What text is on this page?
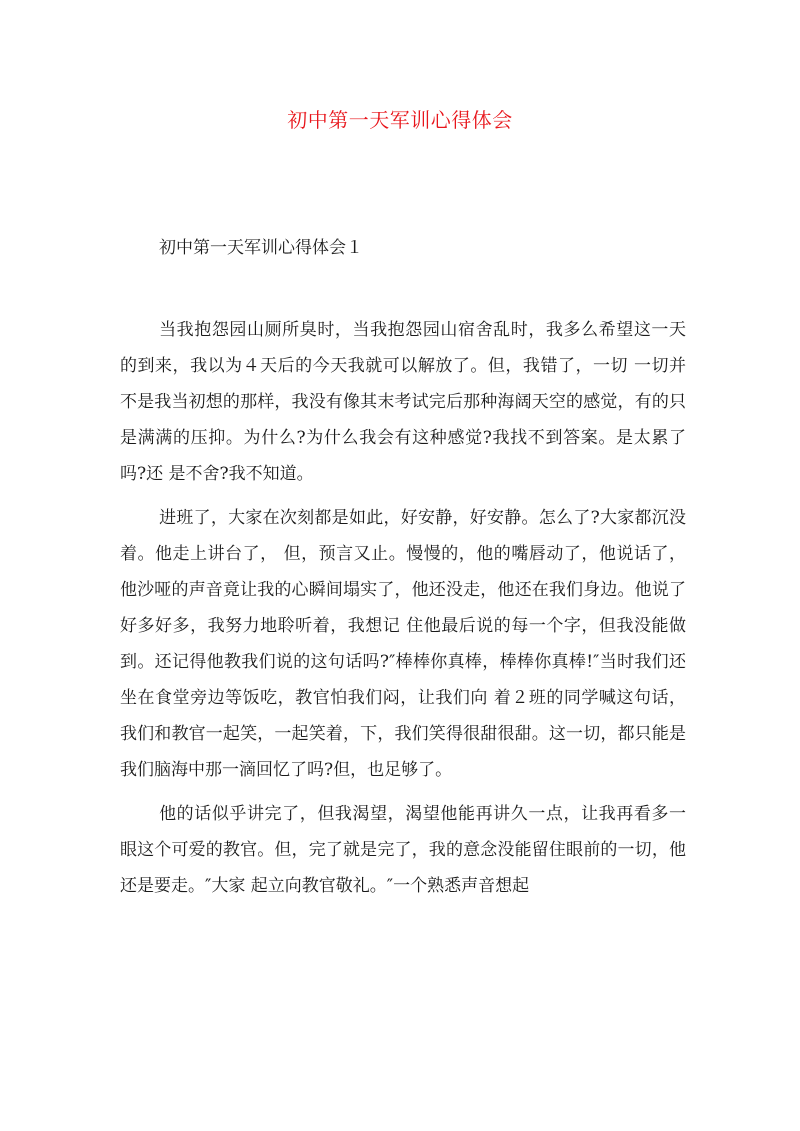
初中第一天军训心得体会
初中第一天军训心得体会１

当我抱怨园山厕所臭时，当我抱怨园山宿舍乱时，我多么希望这一天的到来，我以为４天后的今天我就可以解放了。但，我错了，一切 一切并不是我当初想的那样，我没有像其末考试完后那种海阔天空的感觉，有的只是满满的压抑。为什么?为什么我会有这种感觉?我找不到答案。是太累了吗?还 是不舍?我不知道。

进班了，大家在次刻都是如此，好安静，好安静。怎么了?大家都沉没着。他走上讲台了， 但，预言又止。慢慢的，他的嘴唇动了，他说话了，他沙哑的声音竟让我的心瞬间塌实了，他还没走，他还在我们身边。他说了好多好多，我努力地聆听着，我想记 住他最后说的每一个字，但我没能做到。还记得他教我们说的这句话吗?″棒棒你真棒，棒棒你真棒!″当时我们还坐在食堂旁边等饭吃，教官怕我们闷，让我们向 着２班的同学喊这句话，我们和教官一起笑，一起笑着，下，我们笑得很甜很甜。这一切，都只能是我们脑海中那一滴回忆了吗?但，也足够了。

他的话似乎讲完了，但我渴望，渴望他能再讲久一点，让我再看多一眼这个可爱的教官。但，完了就是完了，我的意念没能留住眼前的一切，他还是要走。″大家 起立向教官敬礼。″一个熟悉声音想起
